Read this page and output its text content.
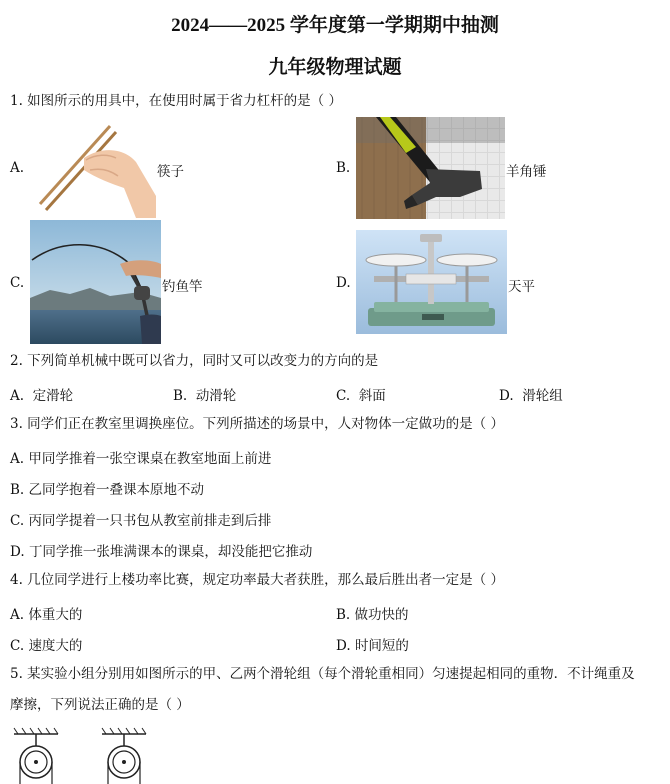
2024——2025 学年度第一学期期中抽测
九年级物理试题
1. 如图所示的用具中，在使用时属于省力杠杆的是（ ）
A.	筷子	B.	羊角锤
C.	钓鱼竿	D.	天平
2. 下列简单机械中既可以省力，同时又可以改变力的方向的是
A. 定滑轮	B. 动滑轮	C. 斜面	D. 滑轮组
3. 同学们正在教室里调换座位。下列所描述的场景中，人对物体一定做功的是（ ）
A. 甲同学推着一张空课桌在教室地面上前进
B. 乙同学抱着一叠课本原地不动
C. 丙同学提着一只书包从教室前排走到后排
D. 丁同学推一张堆满课本的课桌，却没能把它推动
4. 几位同学进行上楼功率比赛，规定功率最大者获胜，那么最后胜出者一定是（ ）
A. 体重大的	B. 做功快的
C. 速度大的	D. 时间短的
5. 某实验小组分别用如图所示的甲、乙两个滑轮组（每个滑轮重相同）匀速提起相同的重物．不计绳重及
摩擦，下列说法正确的是（ ）
